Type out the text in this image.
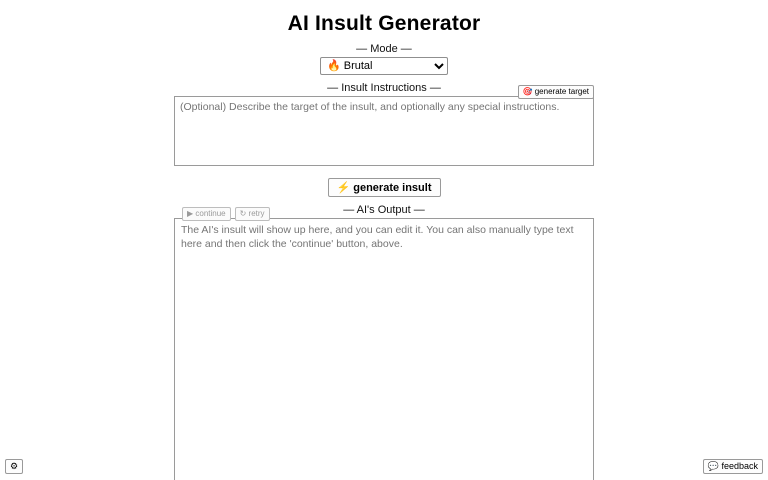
AI Insult Generator
— Mode —
🔥 Brutal
— Insult Instructions —	🎯 generate target
(Optional) Describe the target of the insult, and optionally any special instructions.
⚡ generate insult
— AI's Output —
▶ continue	↻ retry
The AI's insult will show up here, and you can edit it. You can also manually type text here and then click the 'continue' button, above.
⚙	💬 feedback
